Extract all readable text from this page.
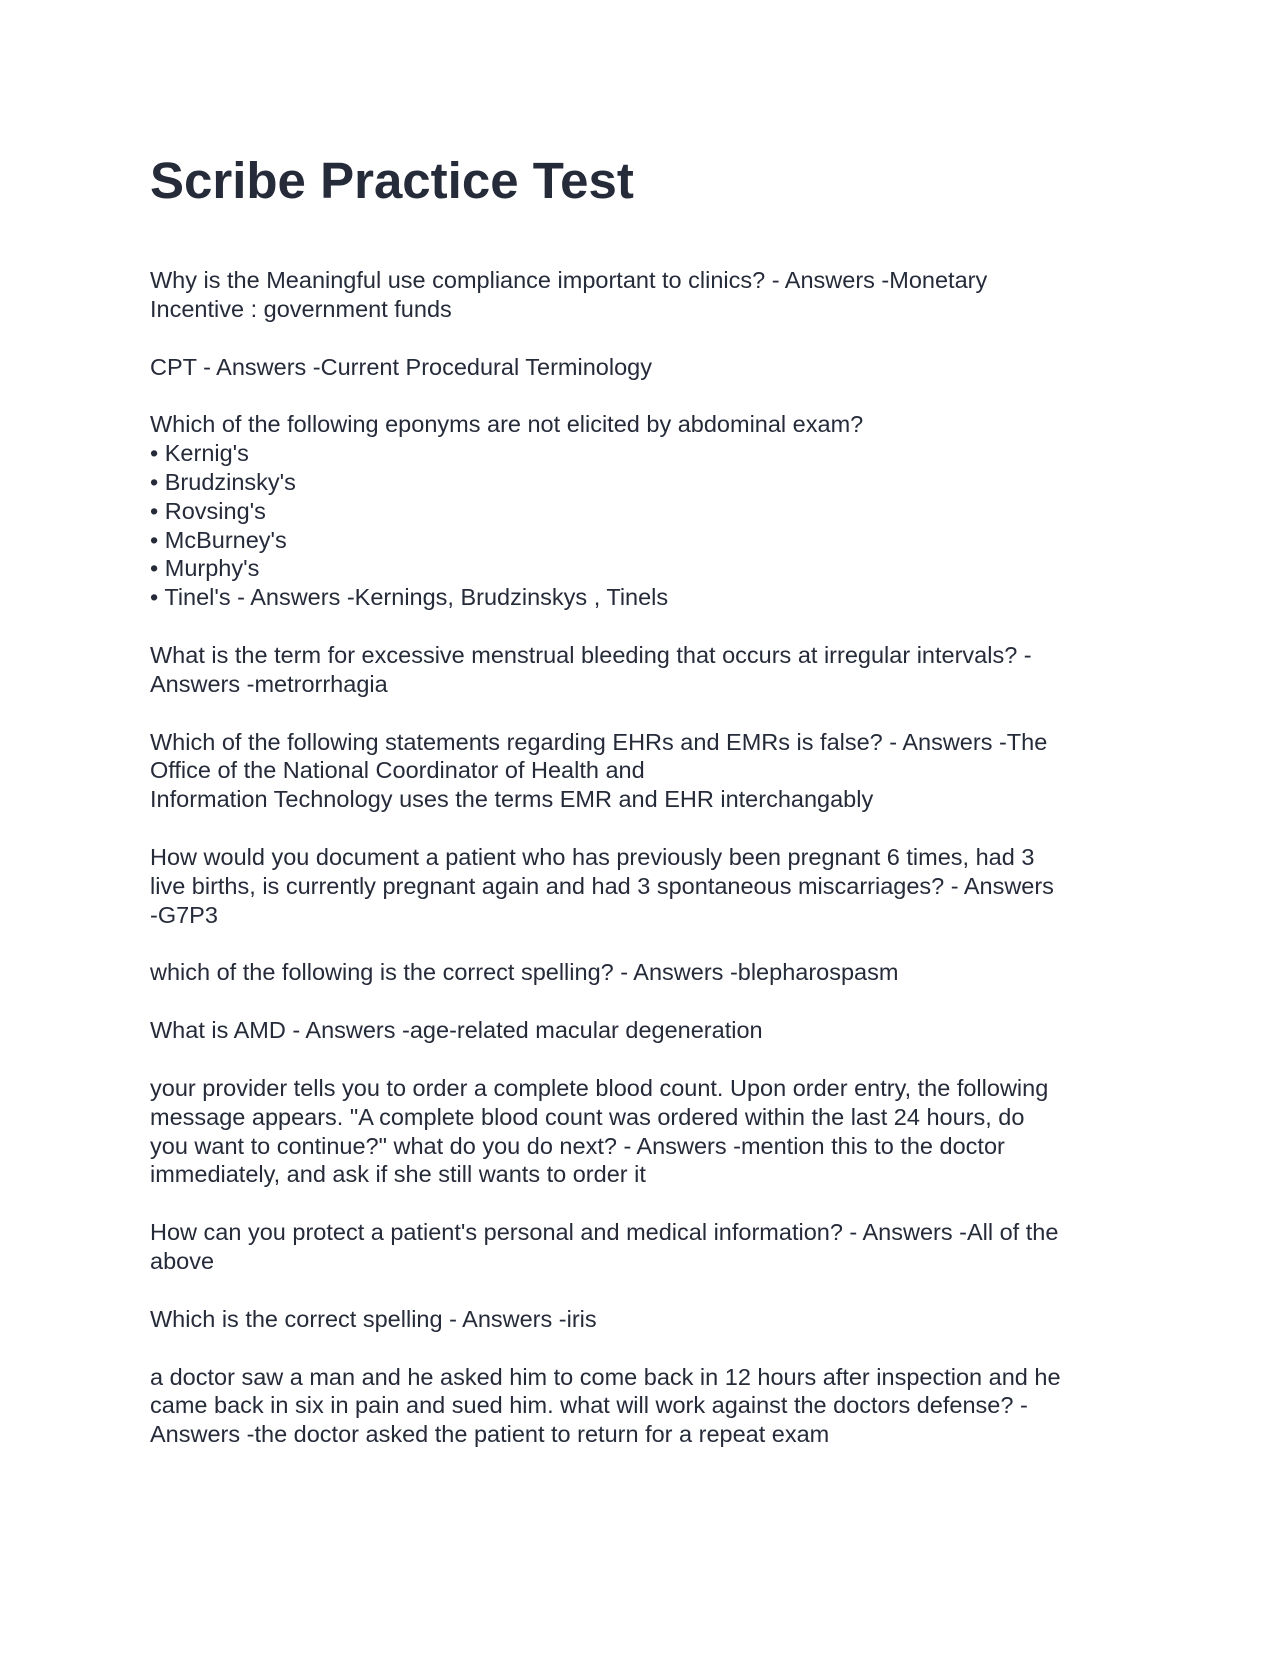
Scribe Practice Test

Why is the Meaningful use compliance important to clinics? - Answers -Monetary
Incentive : government funds

CPT - Answers -Current Procedural Terminology

Which of the following eponyms are not elicited by abdominal exam?
• Kernig's
• Brudzinsky's
• Rovsing's
• McBurney's
• Murphy's
• Tinel's - Answers -Kernings, Brudzinskys , Tinels

What is the term for excessive menstrual bleeding that occurs at irregular intervals? -
Answers -metrorrhagia

Which of the following statements regarding EHRs and EMRs is false? - Answers -The
Office of the National Coordinator of Health and
Information Technology uses the terms EMR and EHR interchangably

How would you document a patient who has previously been pregnant 6 times, had 3
live births, is currently pregnant again and had 3 spontaneous miscarriages? - Answers
-G7P3

which of the following is the correct spelling? - Answers -blepharospasm

What is AMD - Answers -age-related macular degeneration

your provider tells you to order a complete blood count. Upon order entry, the following
message appears. "A complete blood count was ordered within the last 24 hours, do
you want to continue?" what do you do next? - Answers -mention this to the doctor
immediately, and ask if she still wants to order it

How can you protect a patient's personal and medical information? - Answers -All of the
above

Which is the correct spelling - Answers -iris

a doctor saw a man and he asked him to come back in 12 hours after inspection and he
came back in six in pain and sued him. what will work against the doctors defense? -
Answers -the doctor asked the patient to return for a repeat exam
